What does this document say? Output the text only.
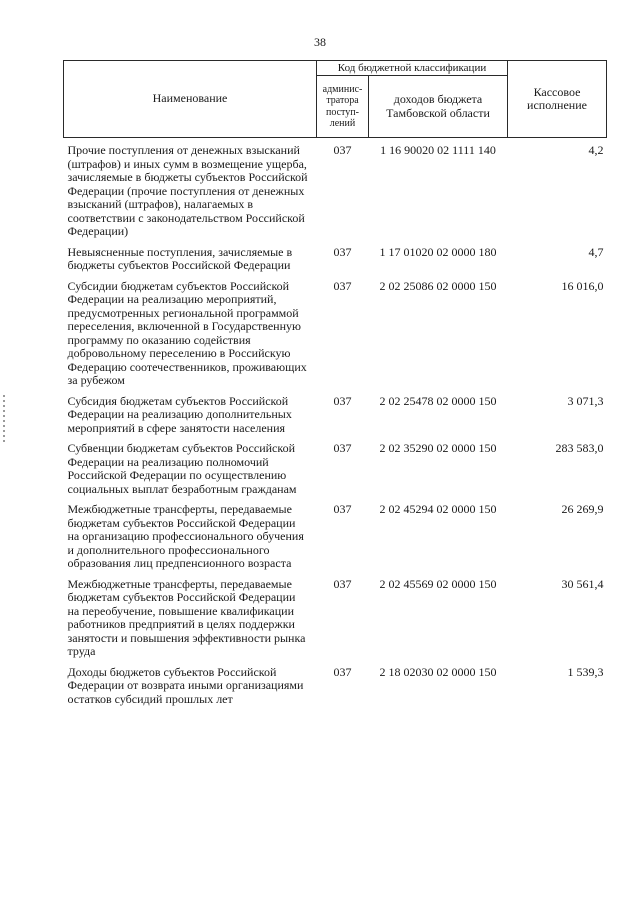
38
Наименование	Код бюджетной классификации		Кассовое исполнение
	админис-тратора поступ-лений	доходов бюджета Тамбовской области	
Прочие поступления от денежных взысканий (штрафов) и иных сумм в возмещение ущерба, зачисляемые в бюджеты субъектов Российской Федерации (прочие поступления от денежных взысканий (штрафов), налагаемых в соответствии с законодательством Российской Федерации)	037	1 16 90020 02 1111 140	4,2
Невыясненные поступления, зачисляемые в бюджеты субъектов Российской Федерации	037	1 17 01020 02 0000 180	4,7
Субсидии бюджетам субъектов Российской Федерации на реализацию мероприятий, предусмотренных региональной программой переселения, включенной в Государственную программу по оказанию содействия добровольному переселению в Российскую Федерацию соотечественников, проживающих за рубежом	037	2 02 25086 02 0000 150	16 016,0
Субсидия бюджетам субъектов Российской Федерации на реализацию дополнительных мероприятий в сфере занятости населения	037	2 02 25478 02 0000 150	3 071,3
Субвенции бюджетам субъектов Российской Федерации на реализацию полномочий Российской Федерации по осуществлению социальных выплат безработным гражданам	037	2 02 35290 02 0000 150	283 583,0
Межбюджетные трансферты, передаваемые бюджетам субъектов Российской Федерации на организацию профессионального обучения и дополнительного профессионального образования лиц предпенсионного возраста	037	2 02 45294 02 0000 150	26 269,9
Межбюджетные трансферты, передаваемые бюджетам субъектов Российской Федерации на переобучение, повышение квалификации работников предприятий в целях поддержки занятости и повышения эффективности рынка труда	037	2 02 45569 02 0000 150	30 561,4
Доходы бюджетов субъектов Российской Федерации от возврата иными организациями остатков субсидий прошлых лет	037	2 18 02030 02 0000 150	1 539,3
